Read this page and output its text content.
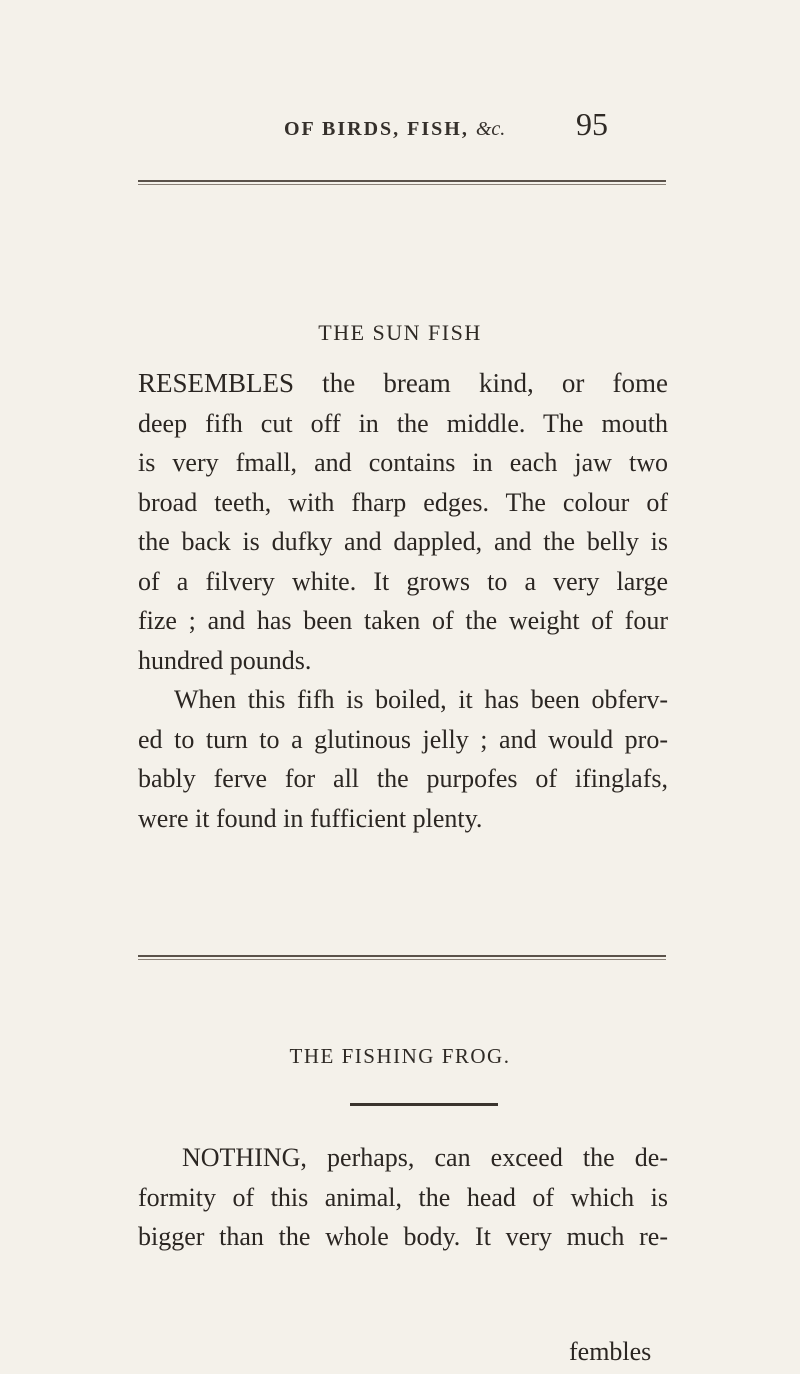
OF BIRDS, FISH, &c. 95
THE SUN FISH
RESEMBLES the bream kind, or fome
deep fifh cut off in the middle. The mouth
is very fmall, and contains in each jaw two
broad teeth, with fharp edges. The colour of
the back is dufky and dappled, and the belly is
of a filvery white. It grows to a very large
fize ; and has been taken of the weight of four
hundred pounds.
When this fifh is boiled, it has been obferv-
ed to turn to a glutinous jelly ; and would pro-
bably ferve for all the purpofes of ifinglafs,
were it found in fufficient plenty.
THE FISHING FROG.
NOTHING, perhaps, can exceed the de-
formity of this animal, the head of which is
bigger than the whole body. It very much re-
fembles
